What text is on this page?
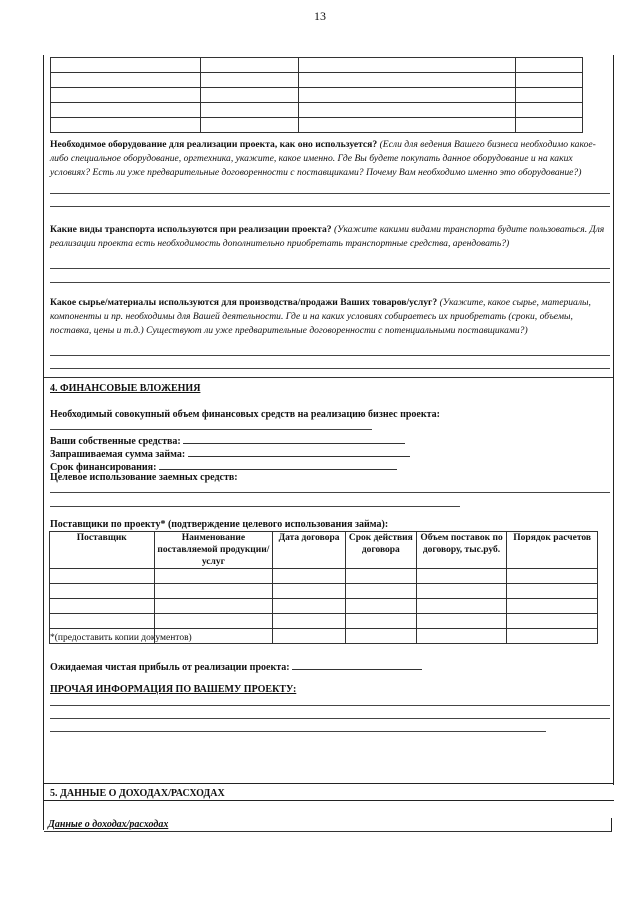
13

Необходимое оборудование для реализации проекта, как оно используется? (Если для ведения Вашего бизнеса необходимо какое-либо специальное оборудование, оргтехника, укажите, какое именно. Где Вы будете покупать данное оборудование и на каких условиях? Есть ли уже предварительные договоренности с поставщиками? Почему Вам необходимо именно это оборудование?)
Какие виды транспорта используются при реализации проекта? (Укажите какими видами транспорта будите пользоваться. Для реализации проекта есть необходимость дополнительно приобретать транспортные средства, арендовать?)
Какое сырье/материалы используются для производства/продажи Ваших товаров/услуг? (Укажите, какое сырье, материалы, компоненты и пр. необходимы для Вашей деятельности. Где и на каких условиях собираетесь их приобретать (сроки, объемы, поставка, цены и т.д.) Существуют ли уже предварительные договоренности с потенциальными поставщиками?)
4. ФИНАНСОВЫЕ ВЛОЖЕНИЯ
Необходимый совокупный объем финансовых средств на реализацию бизнес проекта:
Ваши собственные средства:
Запрашиваемая сумма займа:
Срок финансирования:
Целевое использование заемных средств:
Поставщики по проекту* (подтверждение целевого использования займа):
Поставщик	Наименование поставляемой продукции/услуг	Дата договора	Срок действия договора	Объем поставок по договору, тыс.руб.	Порядок расчетов

*(предоставить копии документов)
Ожидаемая чистая прибыль от реализации проекта:
ПРОЧАЯ ИНФОРМАЦИЯ ПО ВАШЕМУ ПРОЕКТУ:
5. ДАННЫЕ О ДОХОДАХ/РАСХОДАХ
Данные о доходах/расходах
